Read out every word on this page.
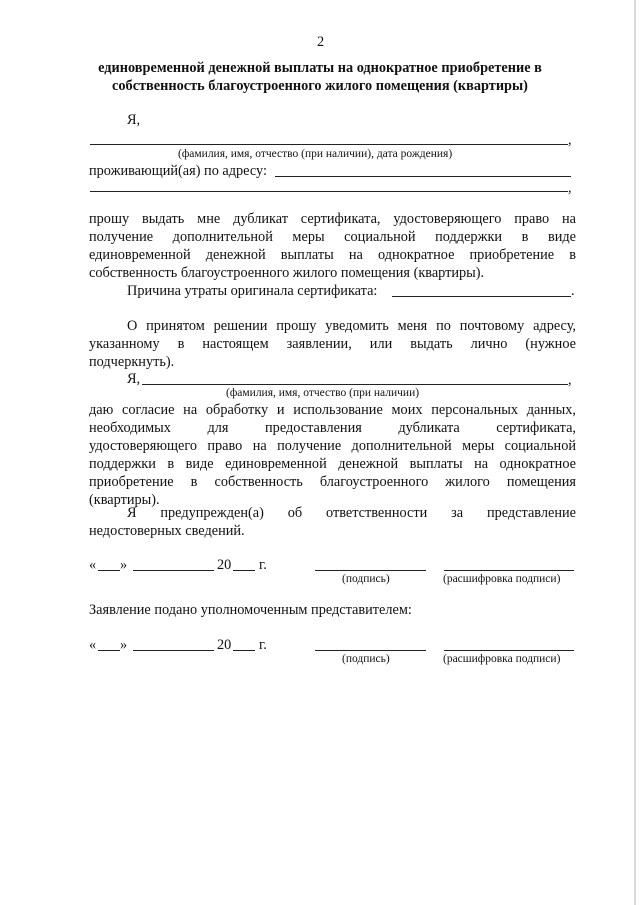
2
единовременной денежной выплаты на однократное приобретение в
собственность благоустроенного жилого помещения (квартиры)
Я,
,
(фамилия, имя, отчество (при наличии), дата рождения)
проживающий(ая) по адресу:
,
прошу выдать мне дубликат сертификата, удостоверяющего право на
получение дополнительной меры социальной поддержки в виде
единовременной денежной выплаты на однократное приобретение в
собственность благоустроенного жилого помещения (квартиры).
Причина утраты оригинала сертификата:	.
О принятом решении прошу уведомить меня по почтовому адресу,
указанному в настоящем заявлении, или выдать лично (нужное
подчеркнуть).
Я,	,
(фамилия, имя, отчество (при наличии)
даю согласие на обработку и использование моих персональных данных,
необходимых для предоставления дубликата сертификата,
удостоверяющего право на получение дополнительной меры социальной
поддержки в виде единовременной денежной выплаты на однократное
приобретение в собственность благоустроенного жилого помещения
(квартиры).
Я предупрежден(а) об ответственности за представление
недостоверных сведений.
« »	20 г.
(подпись)	(расшифровка подписи)
Заявление подано уполномоченным представителем:
« »	20 г.
(подпись)	(расшифровка подписи)
